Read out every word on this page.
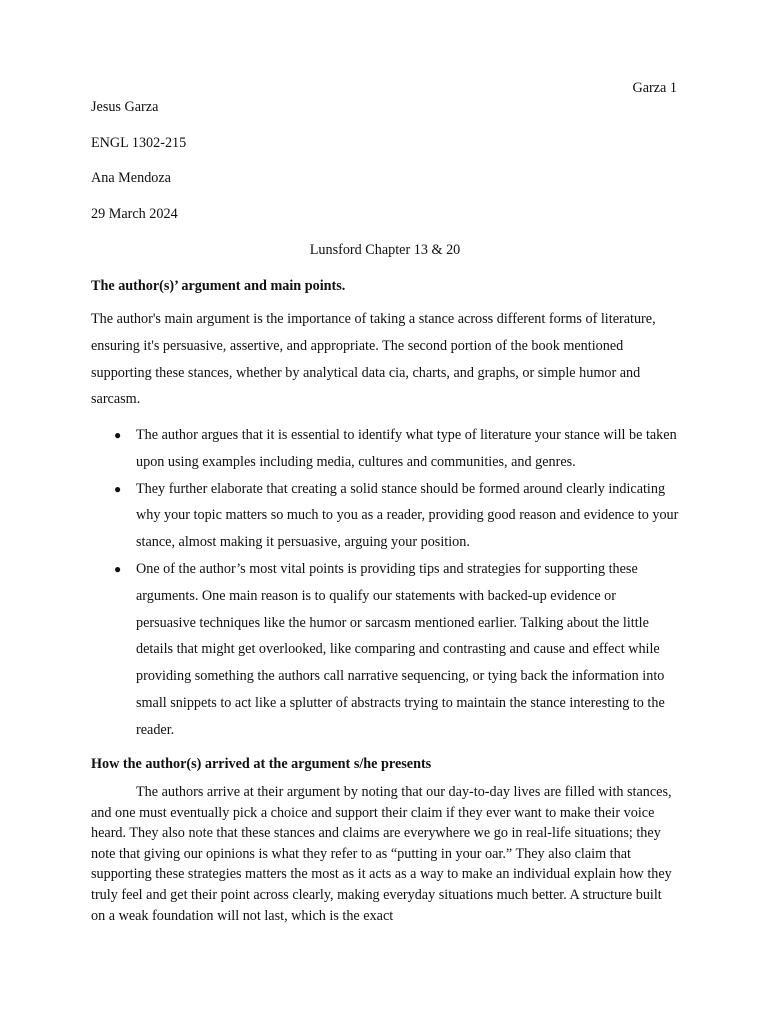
Garza 1

Jesus Garza

ENGL 1302-215

Ana Mendoza

29 March 2024

Lunsford Chapter 13 & 20

The author(s)’ argument and main points.

The author's main argument is the importance of taking a stance across different forms of literature, ensuring it's persuasive, assertive, and appropriate. The second portion of the book mentioned supporting these stances, whether by analytical data cia, charts, and graphs, or simple humor and sarcasm.

● The author argues that it is essential to identify what type of literature your stance will be taken upon using examples including media, cultures and communities, and genres.
● They further elaborate that creating a solid stance should be formed around clearly indicating why your topic matters so much to you as a reader, providing good reason and evidence to your stance, almost making it persuasive, arguing your position.
● One of the author’s most vital points is providing tips and strategies for supporting these arguments. One main reason is to qualify our statements with backed-up evidence or persuasive techniques like the humor or sarcasm mentioned earlier. Talking about the little details that might get overlooked, like comparing and contrasting and cause and effect while providing something the authors call narrative sequencing, or tying back the information into small snippets to act like a splutter of abstracts trying to maintain the stance interesting to the reader.

How the author(s) arrived at the argument s/he presents

The authors arrive at their argument by noting that our day-to-day lives are filled with stances, and one must eventually pick a choice and support their claim if they ever want to make their voice heard. They also note that these stances and claims are everywhere we go in real-life situations; they note that giving our opinions is what they refer to as “putting in your oar.” They also claim that supporting these strategies matters the most as it acts as a way to make an individual explain how they truly feel and get their point across clearly, making everyday situations much better. A structure built on a weak foundation will not last, which is the exact
